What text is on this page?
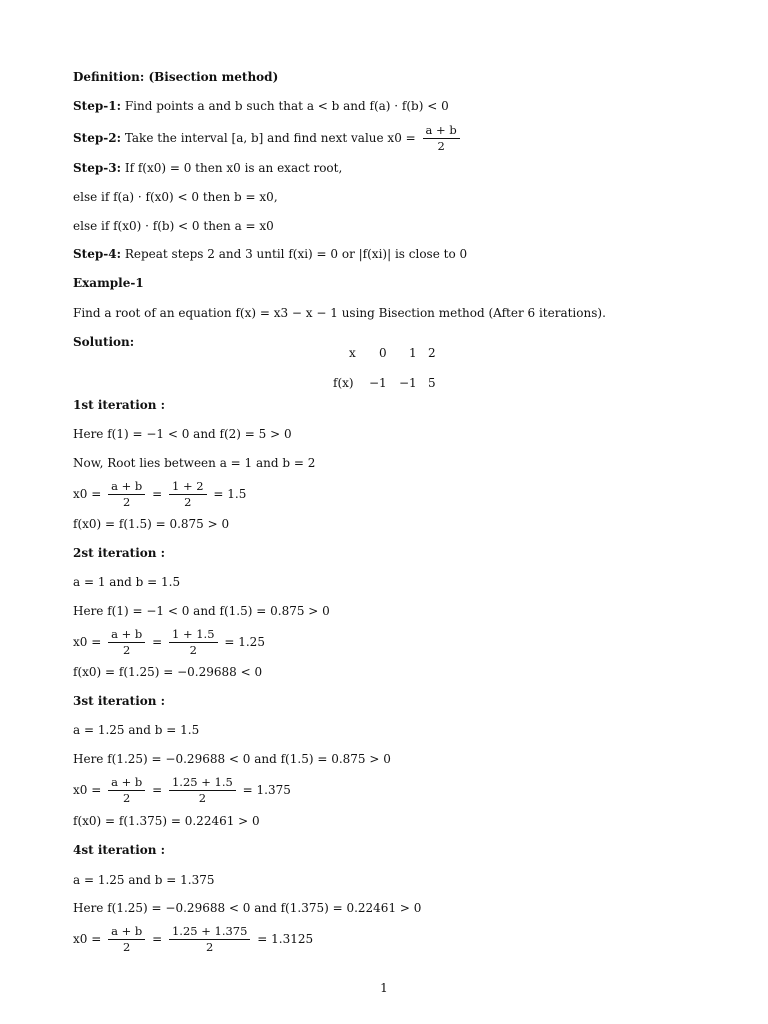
Definition: (Bisection method)
Step-1: Find points a and b such that a < b and f(a) · f(b) < 0
Step-2: Take the interval [a, b] and find next value $x0 = \frac{a + b}{2}$
Step-3: If f(x0) = 0 then x0 is an exact root,
else if f(a) · f(x0) < 0 then b = x0,
else if f(x0) · f(b) < 0 then a = x0
Step-4: Repeat steps 2 and 3 until f(xi) = 0 or |f(xi)| is close to 0
Example-1
Find a root of an equation f(x) = x3 − x − 1 using Bisection method (After 6 iterations).
Solution:
x 0 1 2
f(x) −1 −1 5
1st iteration :
Here f(1) = −1 < 0 and f(2) = 5 > 0
Now, Root lies between a = 1 and b = 2
$x0 = \frac{a + b}{2} = \frac{1 + 2}{2} = 1.5$
f(x0) = f(1.5) = 0.875 > 0
2st iteration :
a = 1 and b = 1.5
Here f(1) = −1 < 0 and f(1.5) = 0.875 > 0
$x0 = \frac{a + b}{2} = \frac{1 + 1.5}{2} = 1.25$
f(x0) = f(1.25) = −0.29688 < 0
3st iteration :
a = 1.25 and b = 1.5
Here f(1.25) = −0.29688 < 0 and f(1.5) = 0.875 > 0
$x0 = \frac{a + b}{2} = \frac{1.25 + 1.5}{2} = 1.375$
f(x0) = f(1.375) = 0.22461 > 0
4st iteration :
a = 1.25 and b = 1.375
Here f(1.25) = −0.29688 < 0 and f(1.375) = 0.22461 > 0
$x0 = \frac{a + b}{2} = \frac{1.25 + 1.375}{2} = 1.3125$
1
